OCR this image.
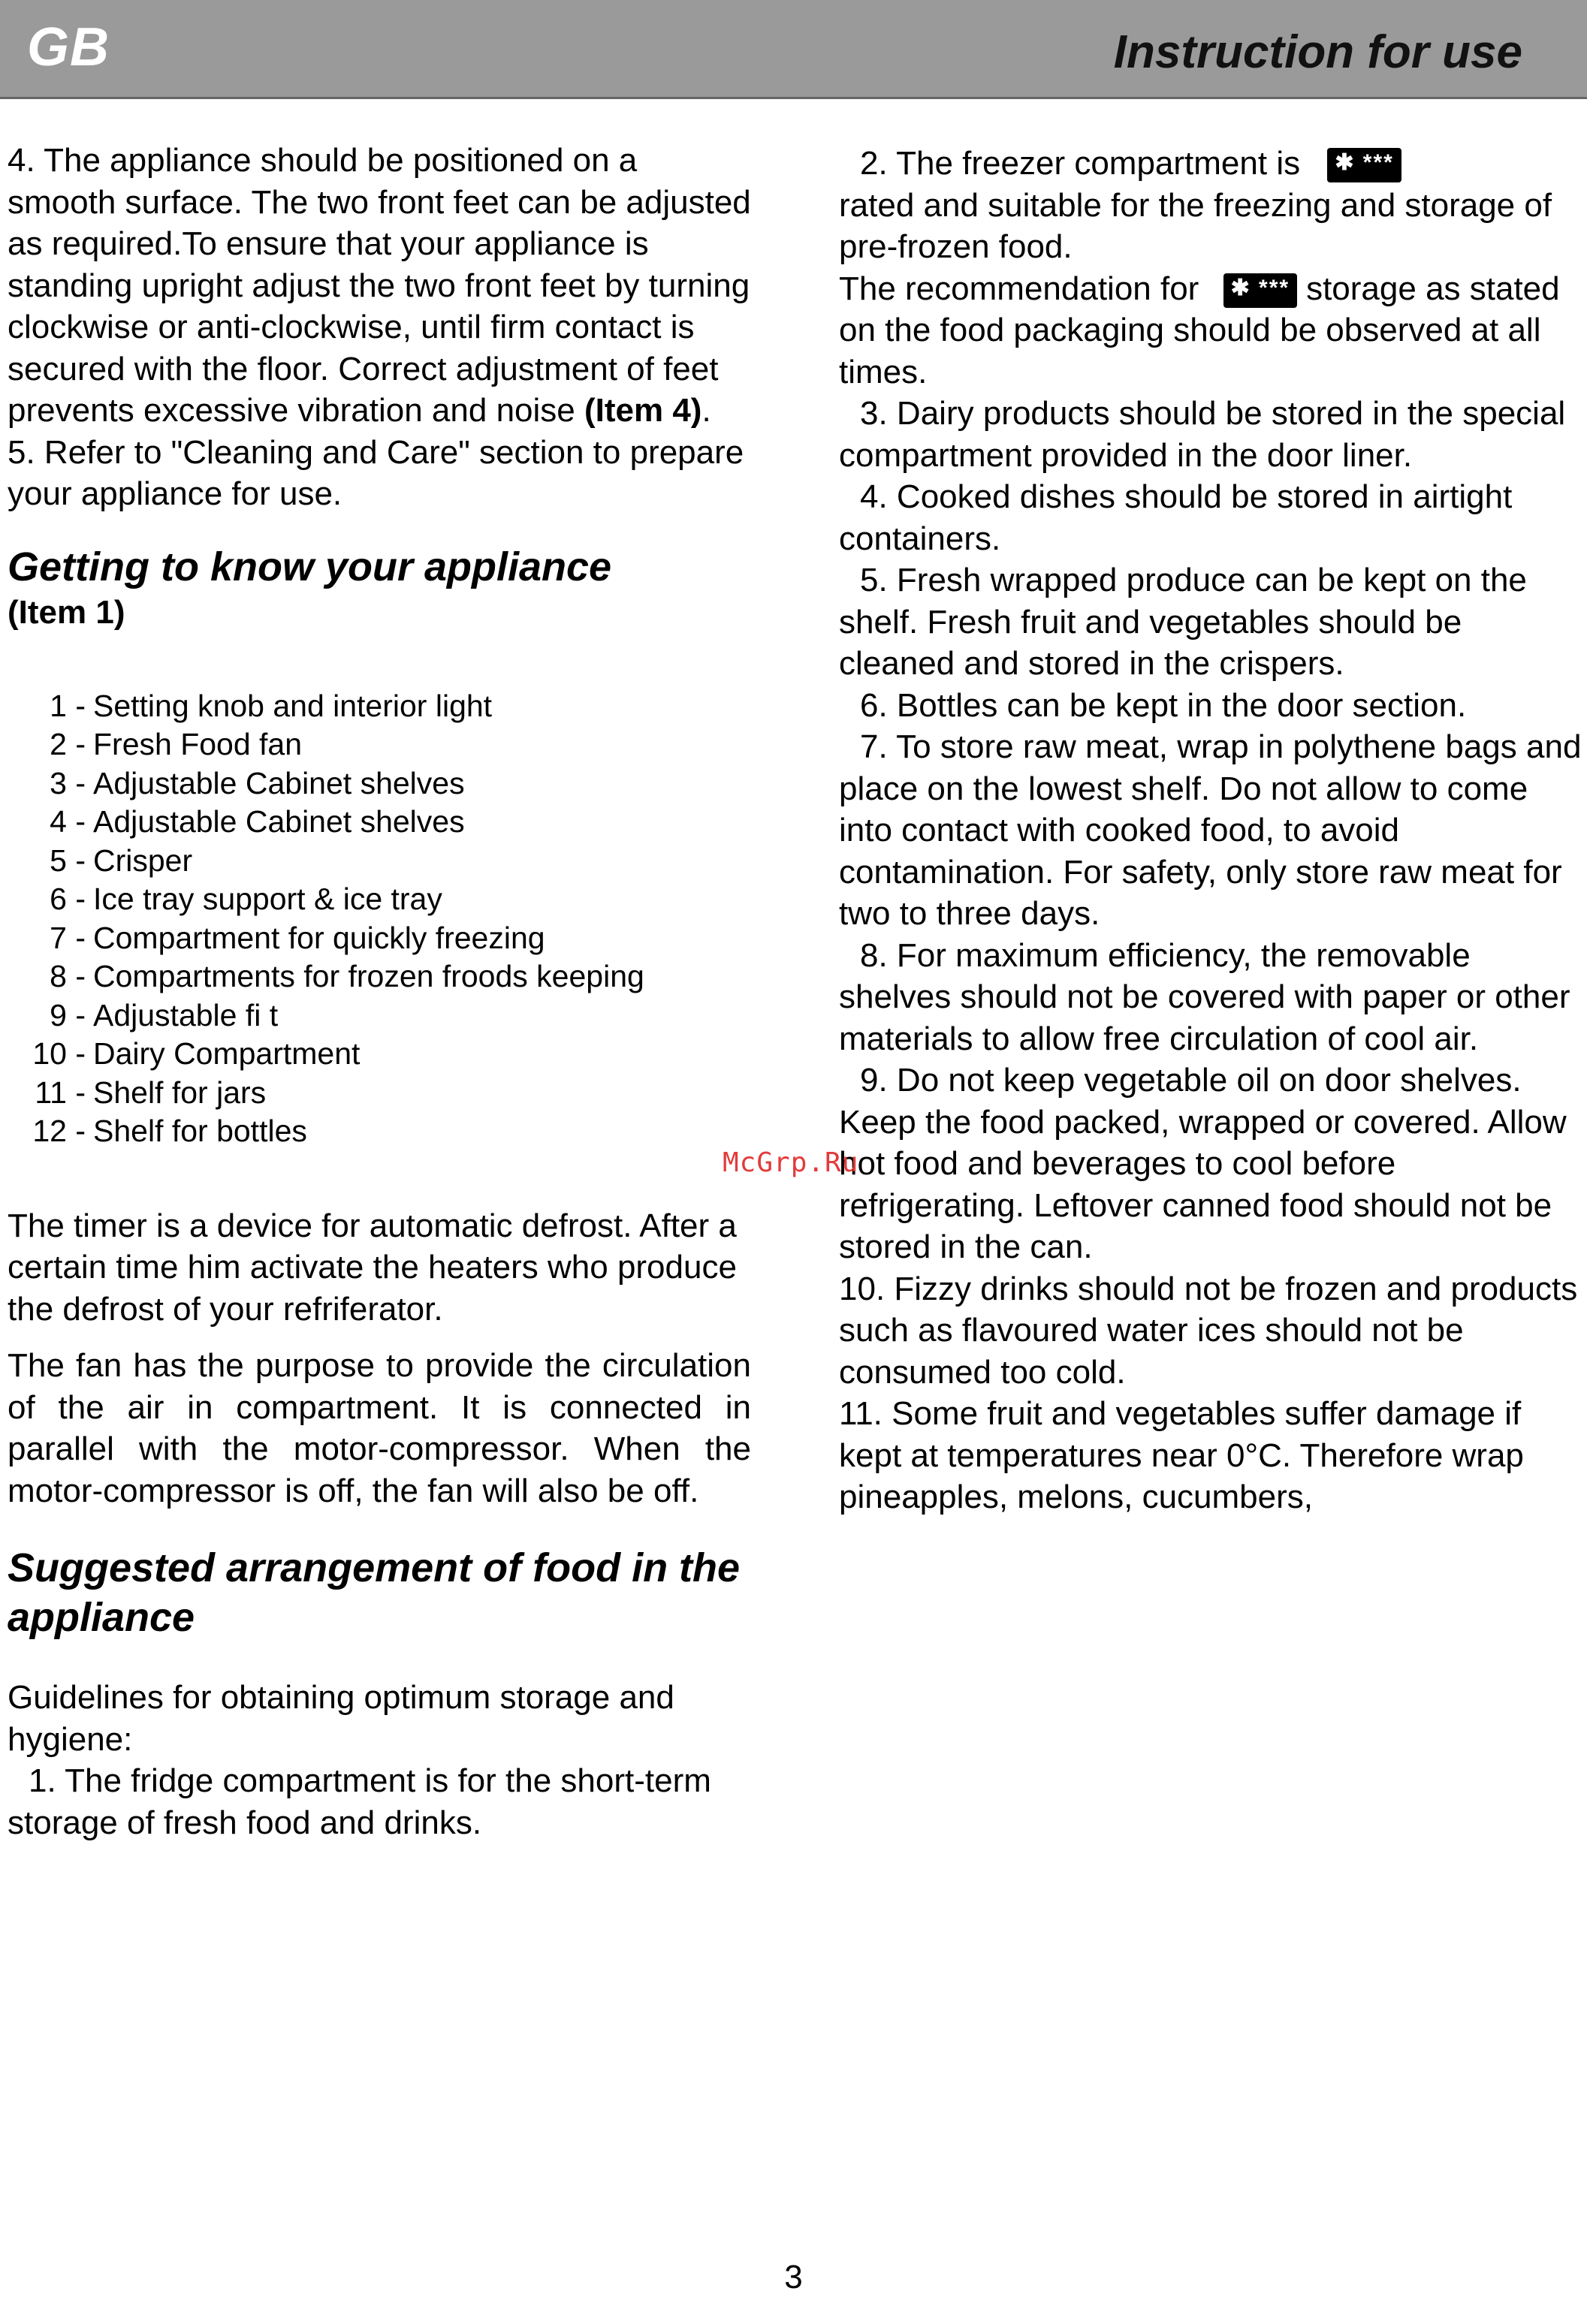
GB	Instruction for use

4. The appliance should be positioned on a smooth surface. The two front feet can be adjusted as required.To ensure that your appliance is standing upright adjust the two front feet by turning clockwise or anti-clockwise, until firm contact is secured with the floor. Correct adjustment of feet prevents excessive vibration and noise (Item 4).

5. Refer to "Cleaning and Care" section to prepare your appliance for use.

Getting to know your appliance
(Item 1)
1 - Setting knob and interior light
2 - Fresh Food fan
3 - Adjustable Cabinet shelves
4 - Adjustable Cabinet shelves
5 - Crisper
6 - Ice tray support & ice tray
7 - Compartment for quickly freezing
8 - Compartments for frozen froods keeping
9 - Adjustable fi t
10 - Dairy Compartment
11 - Shelf for jars
12 - Shelf for bottles

The timer is a device for automatic defrost. After a certain time him activate the heaters who produce the defrost of your refriferator.

The fan has the purpose to provide the circulation of the air in compartment. It is connected in parallel with the motor-compressor. When the motor-compressor is off, the fan will also be off.

Suggested arrangement of food in the appliance

Guidelines for obtaining optimum storage and hygiene:

1. The fridge compartment is for the short-term storage of fresh food and drinks.

2. The freezer compartment is ✱ ***
rated and suitable for the freezing and storage of pre-frozen food.
The recommendation for ✱ *** storage as stated on the food packaging should be observed at all times.

3. Dairy products should be stored in the special compartment provided in the door liner.

4. Cooked dishes should be stored in airtight containers.

5. Fresh wrapped produce can be kept on the shelf. Fresh fruit and vegetables should be cleaned and stored in the crispers.

6. Bottles can be kept in the door section.

7. To store raw meat, wrap in polythene bags and place on the lowest shelf. Do not allow to come into contact with cooked food, to avoid contamination. For safety, only store raw meat for two to three days.

8. For maximum efficiency, the removable shelves should not be covered with paper or other materials to allow free circulation of cool air.

9. Do not keep vegetable oil on door shelves. Keep the food packed, wrapped or covered. Allow hot food and beverages to cool before refrigerating. Leftover canned food should not be stored in the can.

10. Fizzy drinks should not be frozen and products such as flavoured water ices should not be consumed too cold.

11. Some fruit and vegetables suffer damage if kept at temperatures near 0°C. Therefore wrap pineapples, melons, cucumbers,

McGrp.Ru
3
